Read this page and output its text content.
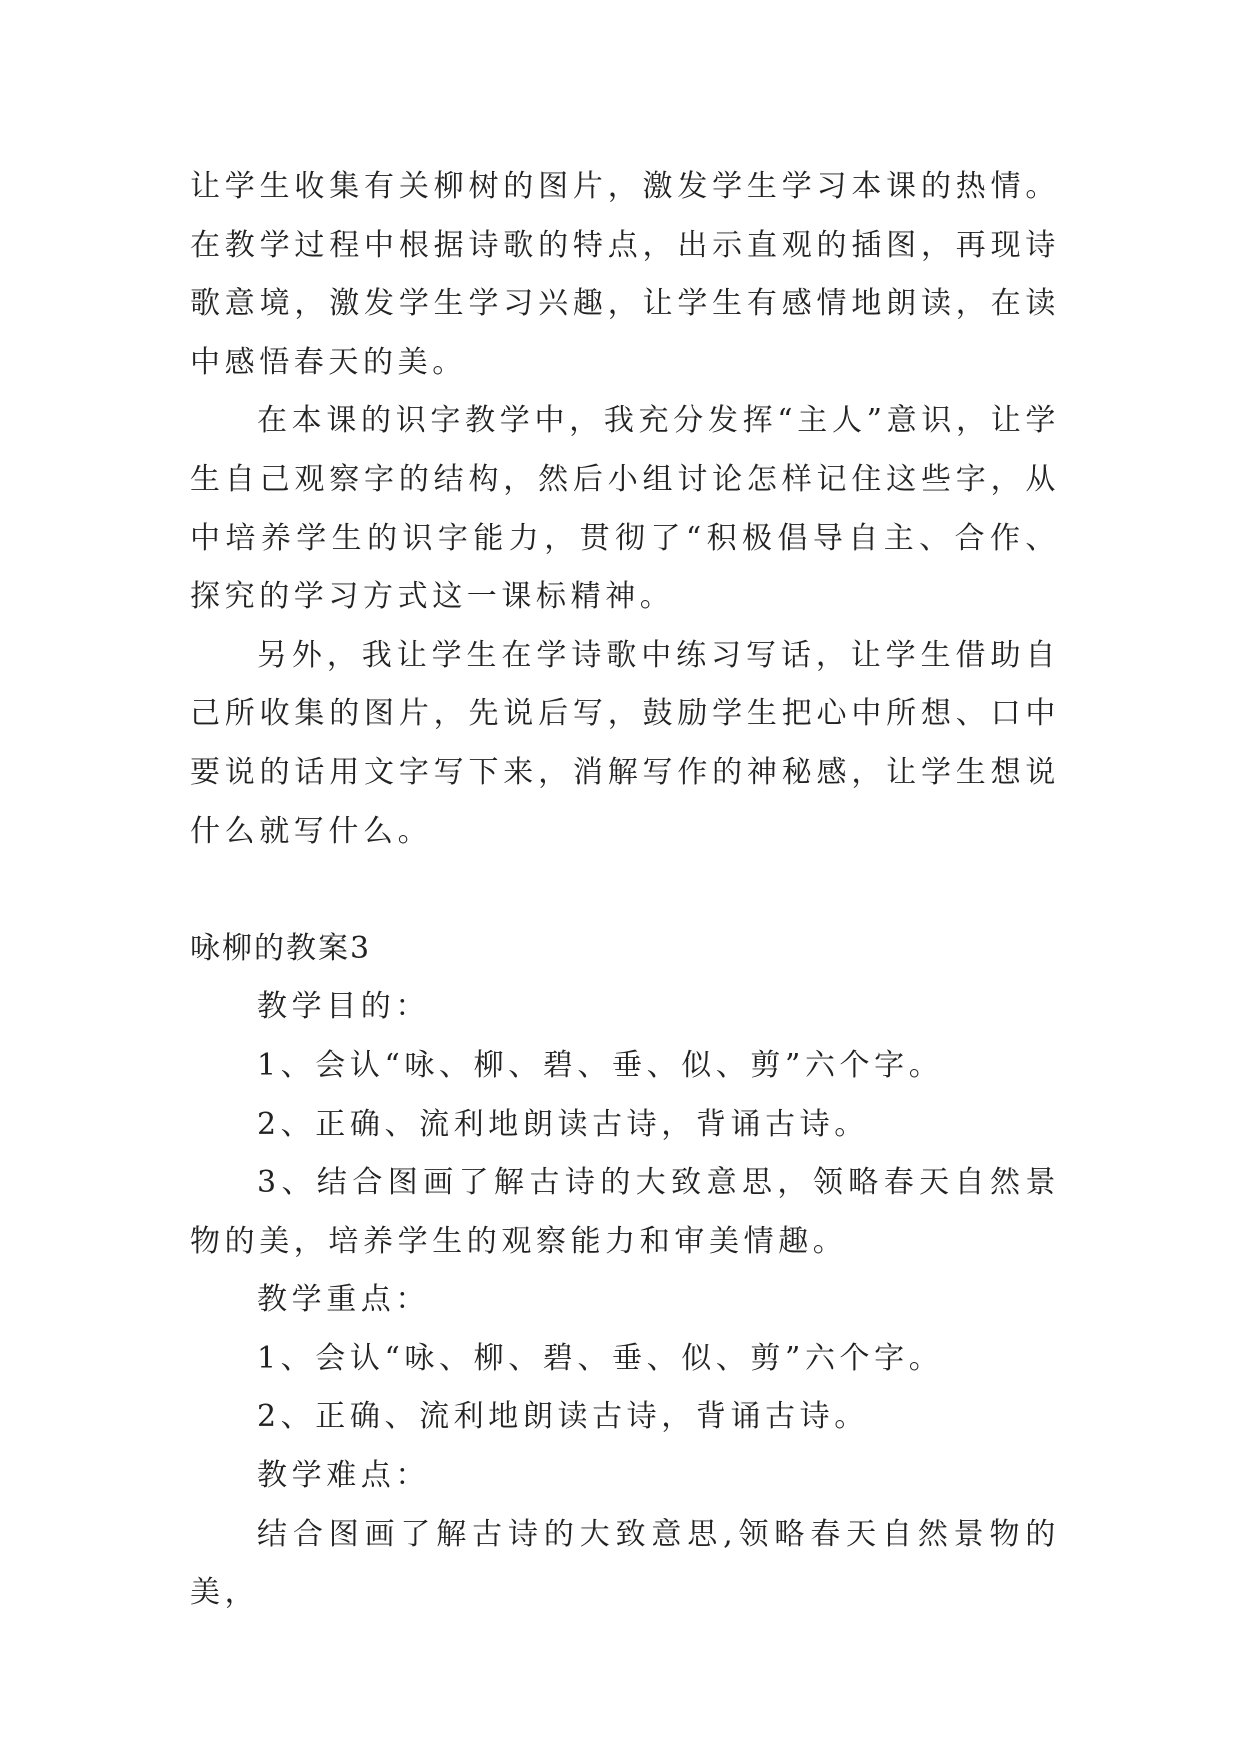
让学生收集有关柳树的图片，激发学生学习本课的热情。在教学过程中根据诗歌的特点，出示直观的插图，再现诗歌意境，激发学生学习兴趣，让学生有感情地朗读，在读中感悟春天的美。

在本课的识字教学中，我充分发挥“主人”意识，让学生自己观察字的结构，然后小组讨论怎样记住这些字，从中培养学生的识字能力，贯彻了“积极倡导自主、合作、探究的学习方式这一课标精神。

另外，我让学生在学诗歌中练习写话，让学生借助自己所收集的图片，先说后写，鼓励学生把心中所想、口中要说的话用文字写下来，消解写作的神秘感，让学生想说什么就写什么。

咏柳的教案3

教学目的：

1、会认“咏、柳、碧、垂、似、剪”六个字。

2、正确、流利地朗读古诗，背诵古诗。

3、结合图画了解古诗的大致意思，领略春天自然景物的美，培养学生的观察能力和审美情趣。

教学重点：

1、会认“咏、柳、碧、垂、似、剪”六个字。

2、正确、流利地朗读古诗，背诵古诗。

教学难点：

结合图画了解古诗的大致意思,领略春天自然景物的美，
